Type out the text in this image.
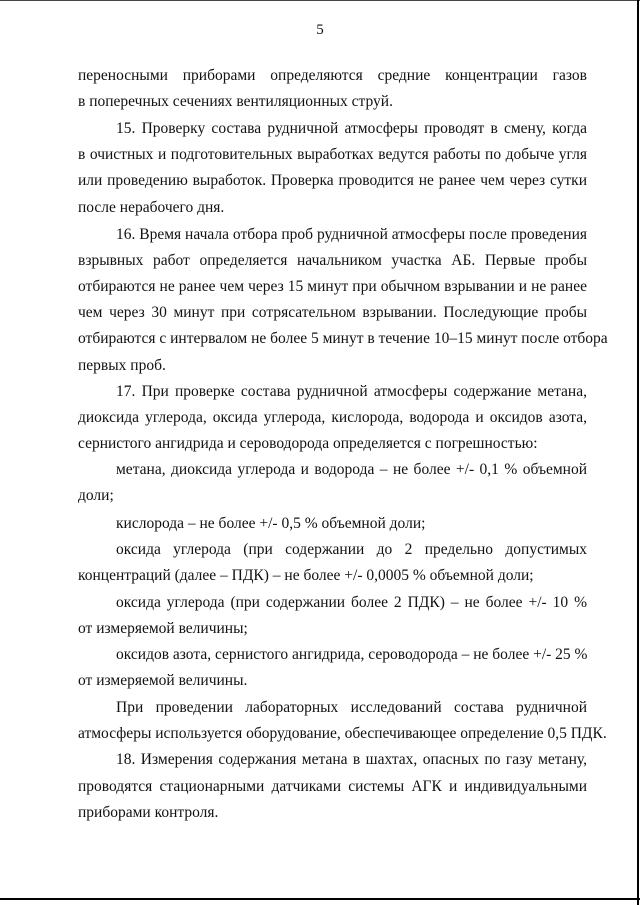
5
переносными приборами определяются средние концентрации газов
в поперечных сечениях вентиляционных струй.
15. Проверку состава рудничной атмосферы проводят в смену, когда
в очистных и подготовительных выработках ведутся работы по добыче угля
или проведению выработок. Проверка проводится не ранее чем через сутки
после нерабочего дня.
16. Время начала отбора проб рудничной атмосферы после проведения
взрывных работ определяется начальником участка АБ. Первые пробы
отбираются не ранее чем через 15 минут при обычном взрывании и не ранее
чем через 30 минут при сотрясательном взрывании. Последующие пробы
отбираются с интервалом не более 5 минут в течение 10–15 минут после отбора
первых проб.
17. При проверке состава рудничной атмосферы содержание метана,
диоксида углерода, оксида углерода, кислорода, водорода и оксидов азота,
сернистого ангидрида и сероводорода определяется с погрешностью:
метана, диоксида углерода и водорода – не более +/- 0,1 % объемной
доли;
кислорода – не более +/- 0,5 % объемной доли;
оксида углерода (при содержании до 2 предельно допустимых
концентраций (далее – ПДК) – не более +/- 0,0005 % объемной доли;
оксида углерода (при содержании более 2 ПДК) – не более +/- 10 %
от измеряемой величины;
оксидов азота, сернистого ангидрида, сероводорода – не более +/- 25 %
от измеряемой величины.
При проведении лабораторных исследований состава рудничной
атмосферы используется оборудование, обеспечивающее определение 0,5 ПДК.
18. Измерения содержания метана в шахтах, опасных по газу метану,
проводятся стационарными датчиками системы АГК и индивидуальными
приборами контроля.
